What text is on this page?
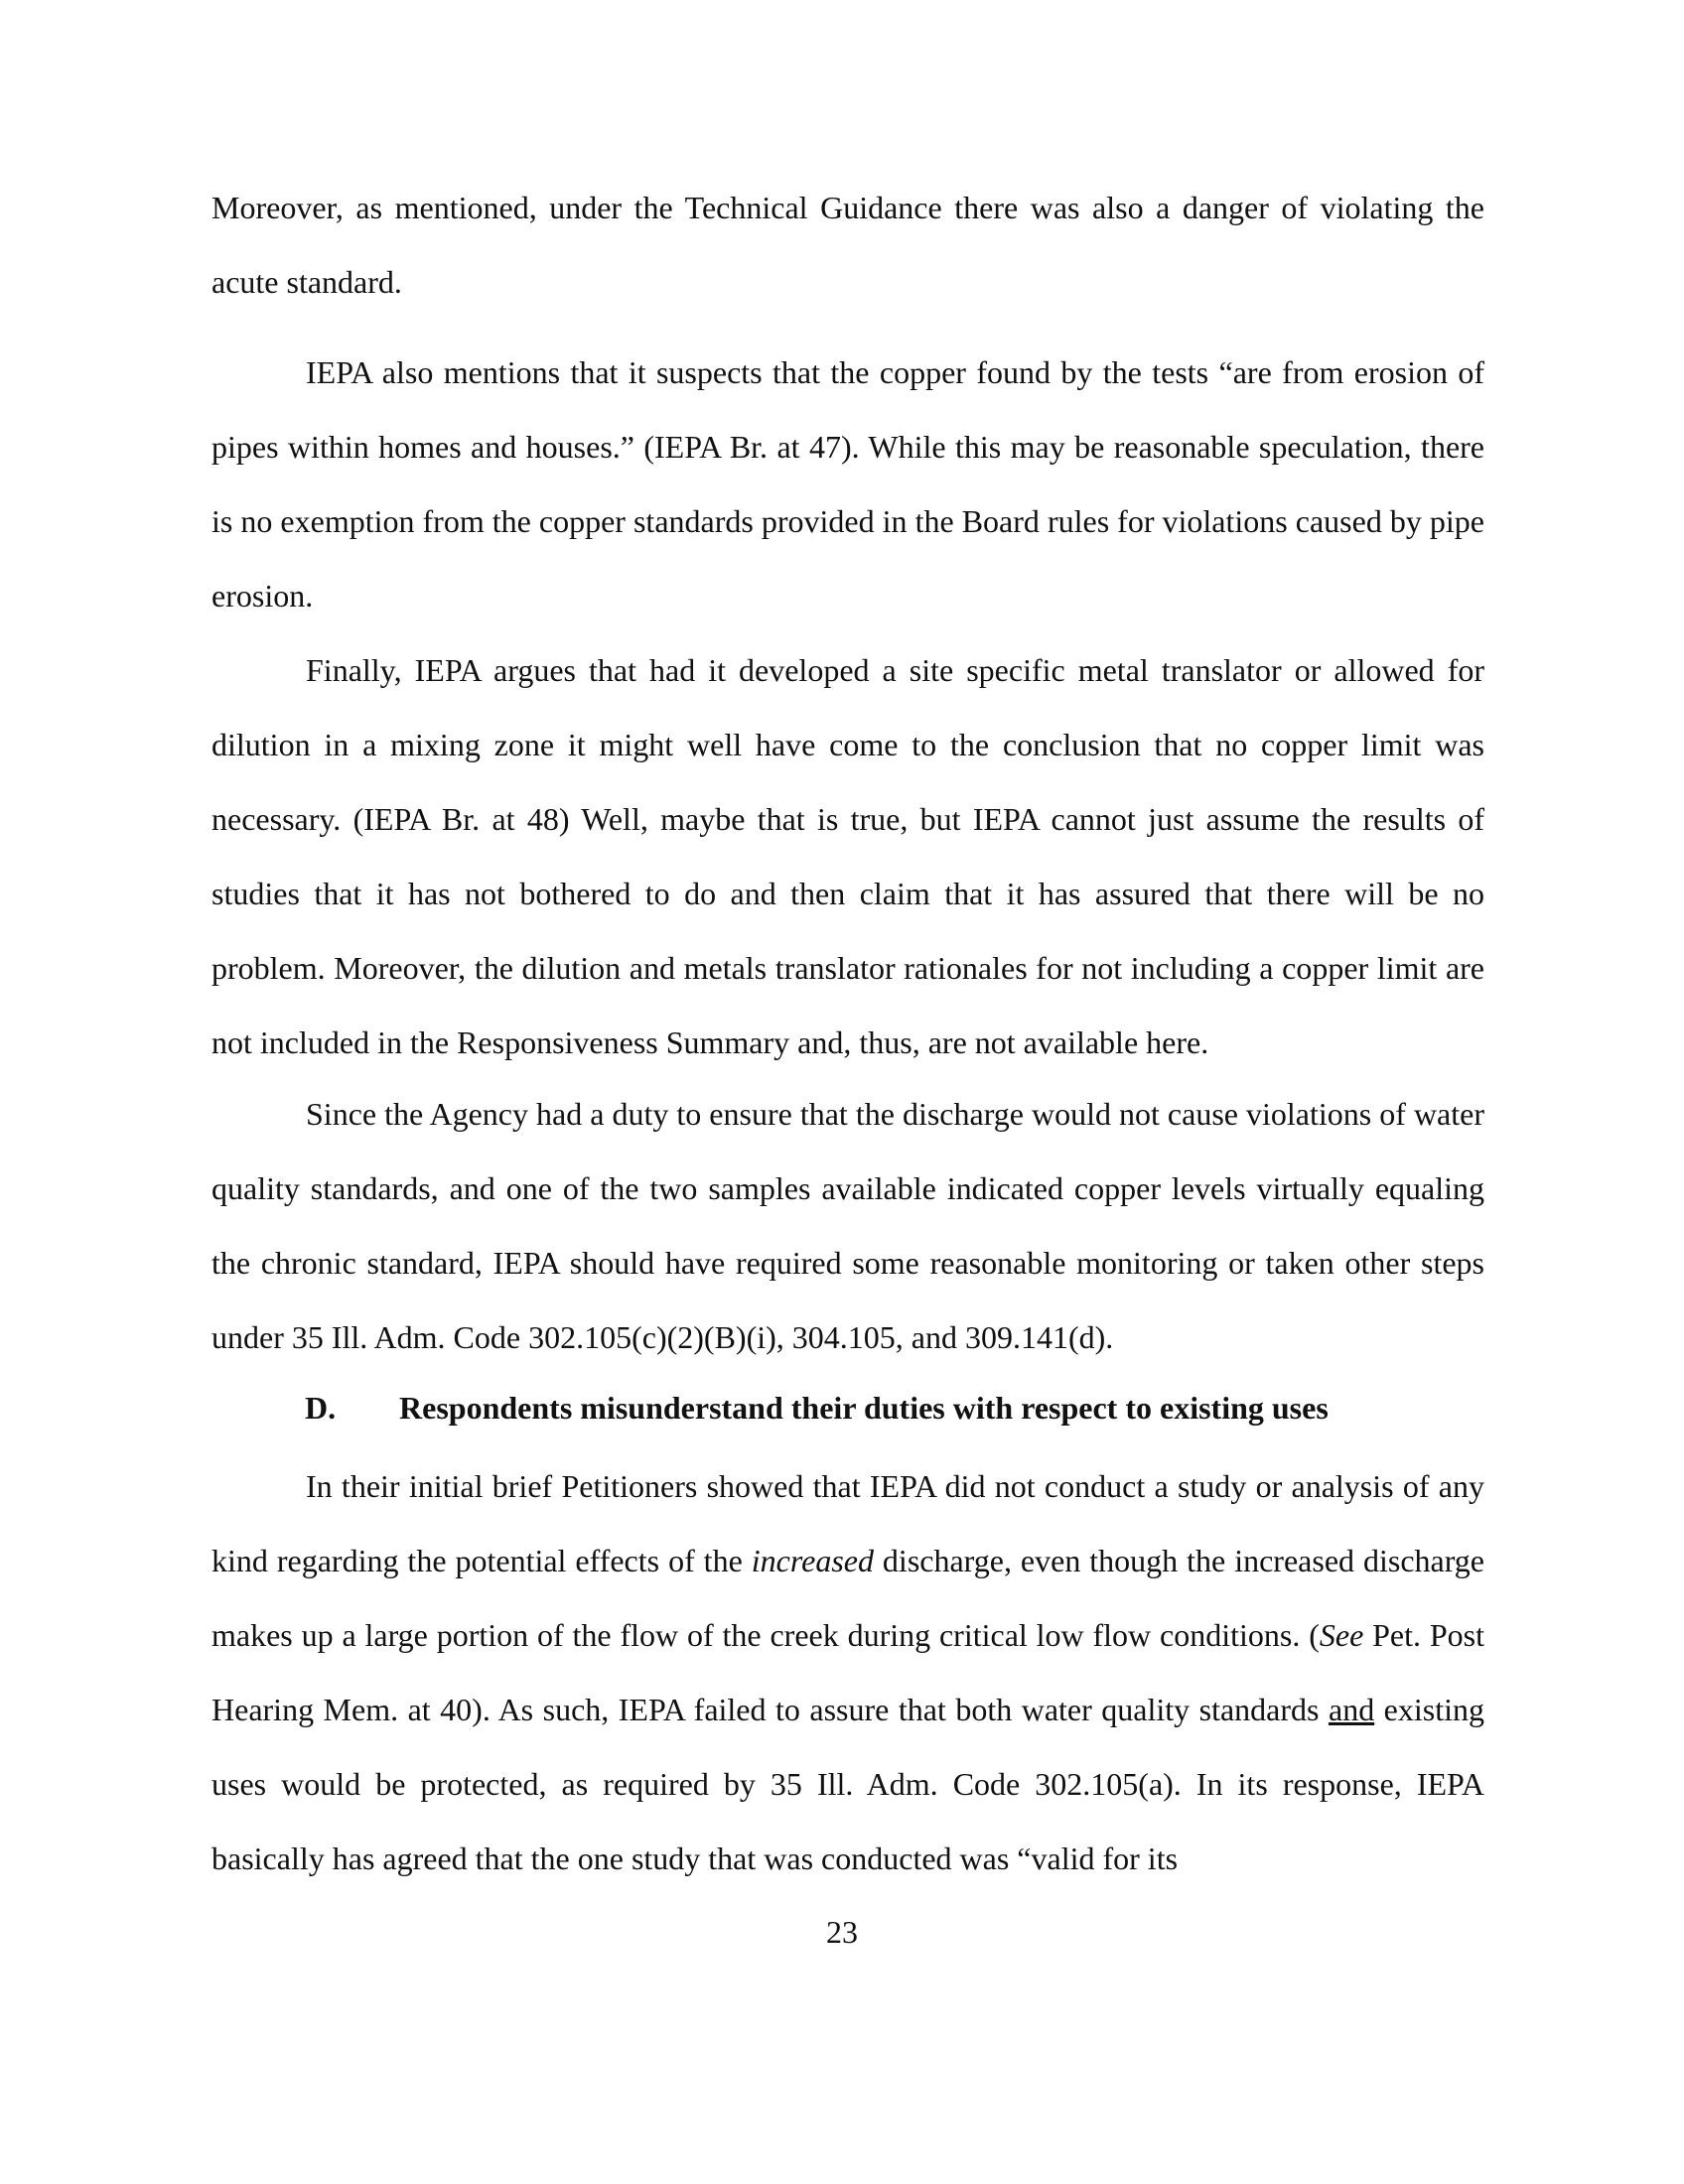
Moreover, as mentioned, under the Technical Guidance there was also a danger of violating the acute standard.

IEPA also mentions that it suspects that the copper found by the tests “are from erosion of pipes within homes and houses.” (IEPA Br. at 47). While this may be reasonable speculation, there is no exemption from the copper standards provided in the Board rules for violations caused by pipe erosion.

Finally, IEPA argues that had it developed a site specific metal translator or allowed for dilution in a mixing zone it might well have come to the conclusion that no copper limit was necessary. (IEPA Br. at 48) Well, maybe that is true, but IEPA cannot just assume the results of studies that it has not bothered to do and then claim that it has assured that there will be no problem. Moreover, the dilution and metals translator rationales for not including a copper limit are not included in the Responsiveness Summary and, thus, are not available here.

Since the Agency had a duty to ensure that the discharge would not cause violations of water quality standards, and one of the two samples available indicated copper levels virtually equaling the chronic standard, IEPA should have required some reasonable monitoring or taken other steps under 35 Ill. Adm. Code 302.105(c)(2)(B)(i), 304.105, and 309.141(d).

D. Respondents misunderstand their duties with respect to existing uses

In their initial brief Petitioners showed that IEPA did not conduct a study or analysis of any kind regarding the potential effects of the increased discharge, even though the increased discharge makes up a large portion of the flow of the creek during critical low flow conditions. (See Pet. Post Hearing Mem. at 40). As such, IEPA failed to assure that both water quality standards and existing uses would be protected, as required by 35 Ill. Adm. Code 302.105(a). In its response, IEPA basically has agreed that the one study that was conducted was “valid for its

23
